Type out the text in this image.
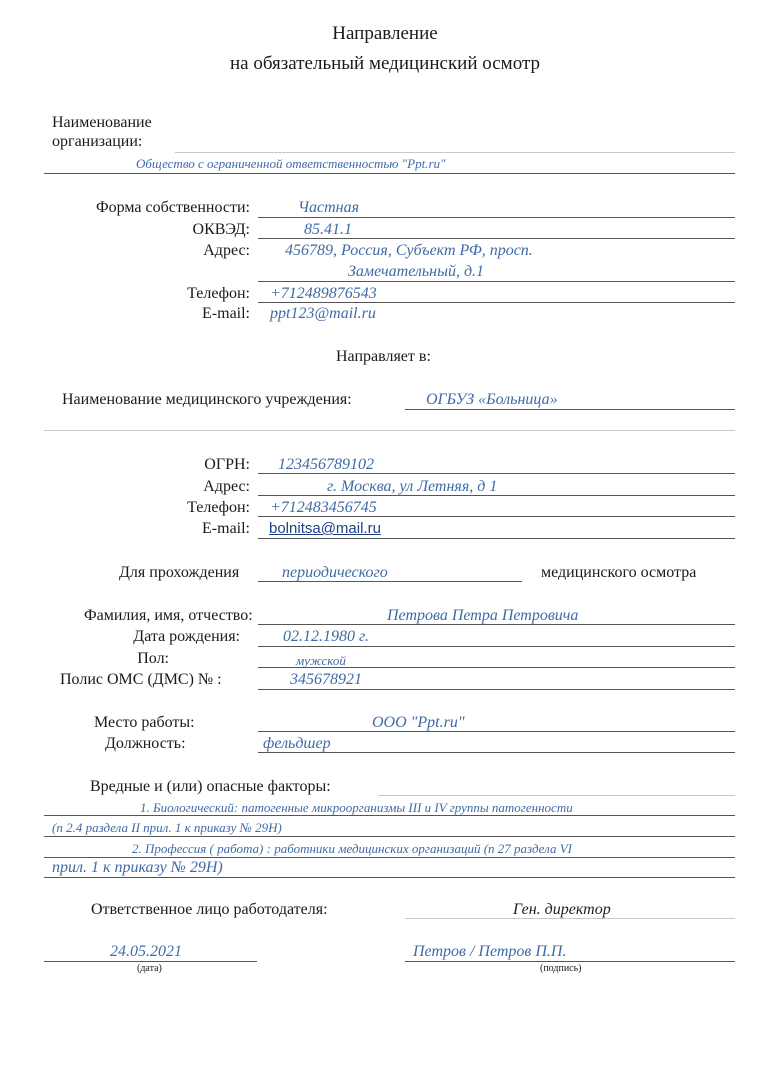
Направление
на обязательный медицинский осмотр
Наименование
организации:
Общество с ограниченной ответственностью "Ppt.ru"
Форма собственности:	Частная
ОКВЭД:	85.41.1
Адрес: 456789, Россия, Субъект РФ, просп.
Замечательный, д.1
Телефон: +712489876543
E-mail: ppt123@mail.ru
Направляет в:
Наименование медицинского учреждения:	ОГБУЗ «Больница»
ОГРН: 123456789102
Адрес:	г. Москва, ул Летняя, д 1
Телефон: +712483456745
E-mail: bolnitsa@mail.ru
Для прохождения	периодического	медицинского осмотра
Фамилия, имя, отчество:	Петрова Петра Петровича
Дата рождения:	02.12.1980 г.
Пол:	мужской
Полис ОМС (ДМС) № :	345678921
Место работы:	ООО "Ppt.ru"
Должность:	фельдшер
Вредные и (или) опасные факторы:
1. Биологический: патогенные микроорганизмы III и IV группы патогенности
(п 2.4 раздела II прил. 1 к приказу № 29Н)
2. Профессия ( работа) : работники медицинских организаций (п 27 раздела VI
прил. 1 к приказу № 29Н)
Ответственное лицо работодателя:	Ген. директор
24.05.2021
(дата)
Петров / Петров П.П.
(подпись)
